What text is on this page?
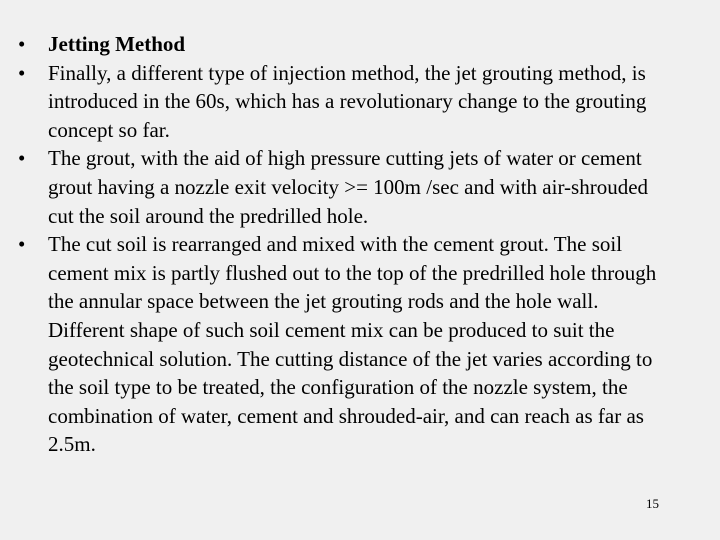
•	Jetting Method
•	Finally, a different type of injection method, the jet grouting method, is introduced in the 60s, which has a revolutionary change to the grouting concept so far.
•	The grout, with the aid of high pressure cutting jets of water or cement grout having a nozzle exit velocity >= 100m /sec and with air-shrouded cut the soil around the predrilled hole.
•	The cut soil is rearranged and mixed with the cement grout. The soil cement mix is partly flushed out to the top of the predrilled hole through the annular space between the jet grouting rods and the hole wall. Different shape of such soil cement mix can be produced to suit the geotechnical solution. The cutting distance of the jet varies according to the soil type to be treated, the configuration of the nozzle system, the combination of water, cement and shrouded-air, and can reach as far as 2.5m.
15
